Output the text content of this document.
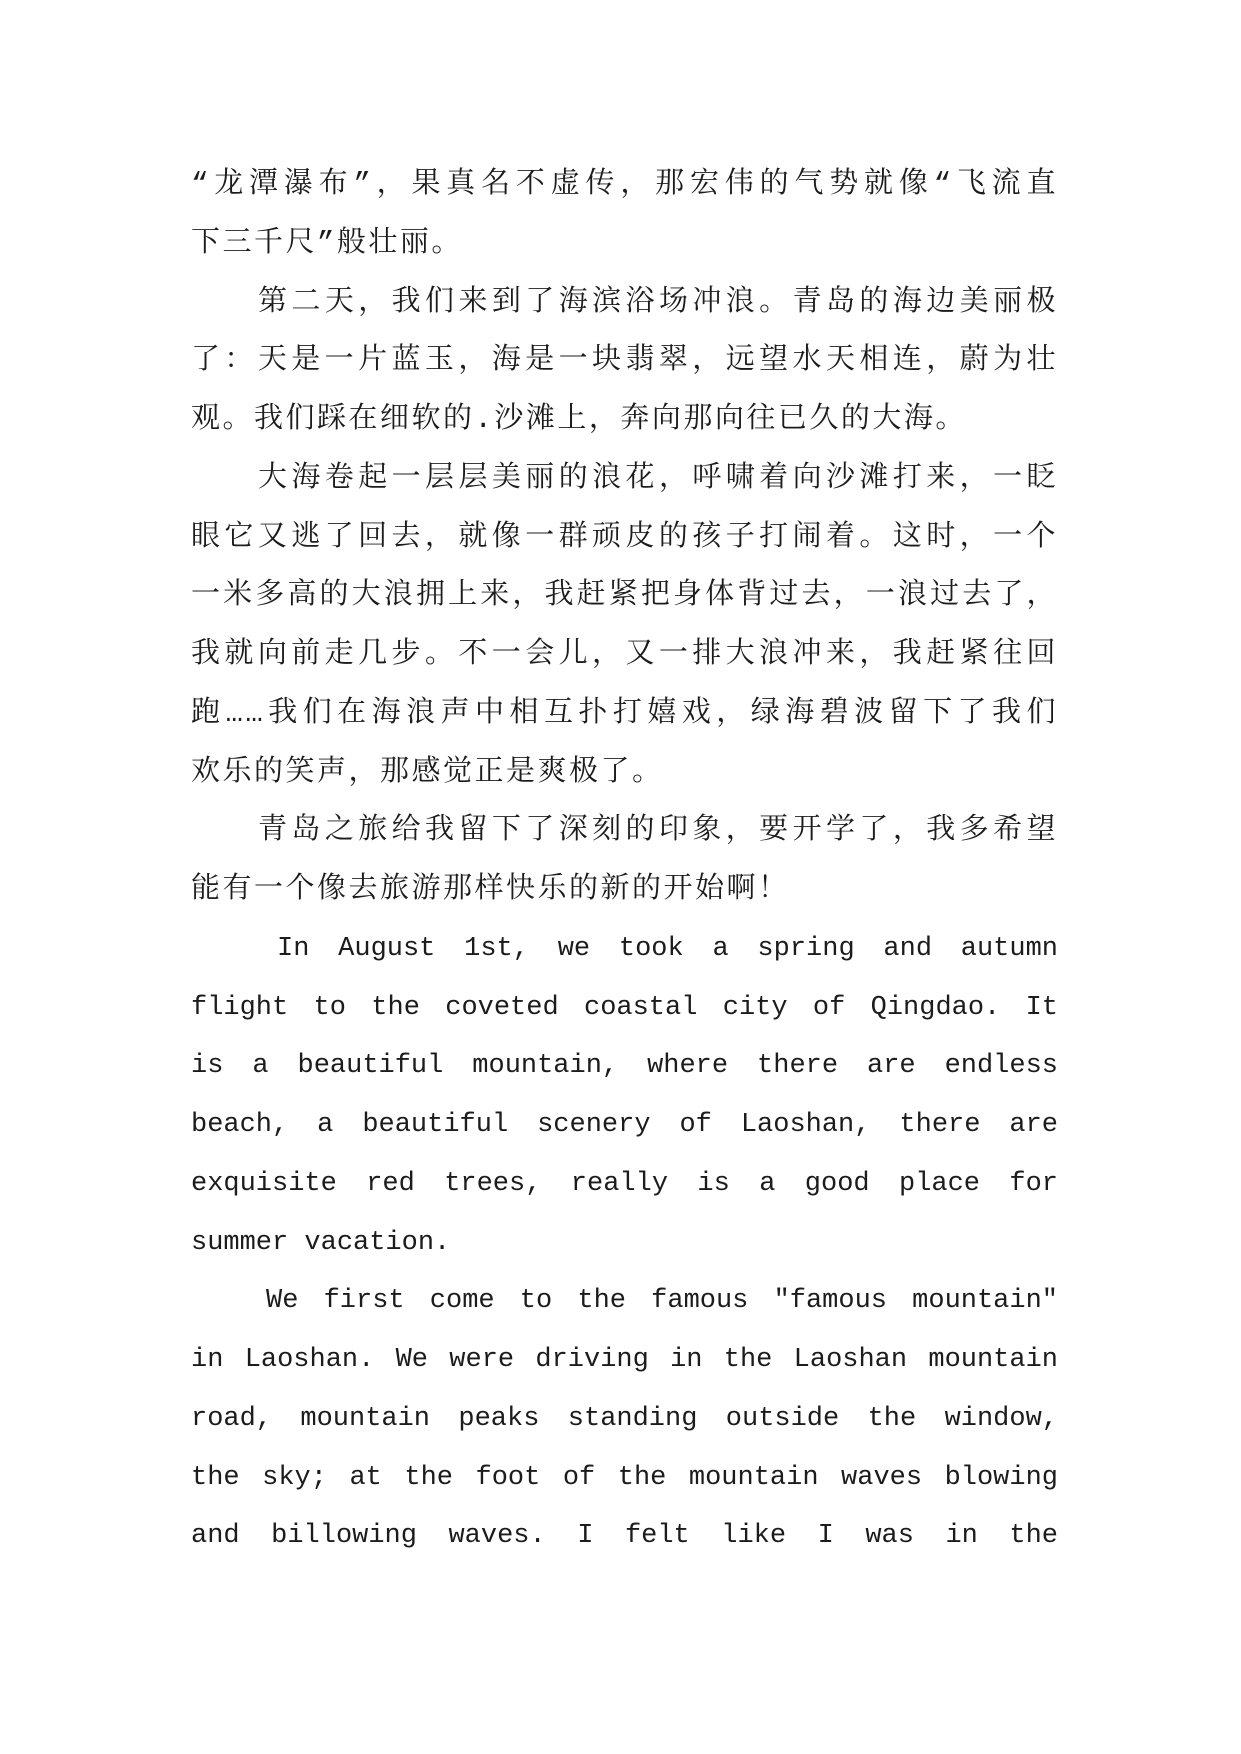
“龙潭瀑布”，果真名不虚传，那宏伟的气势就像“飞流直
下三千尺”般壮丽。
第二天，我们来到了海滨浴场冲浪。青岛的海边美丽极
了：天是一片蓝玉，海是一块翡翠，远望水天相连，蔚为壮
观。我们踩在细软的.沙滩上，奔向那向往已久的大海。
大海卷起一层层美丽的浪花，呼啸着向沙滩打来，一眨
眼它又逃了回去，就像一群顽皮的孩子打闹着。这时，一个
一米多高的大浪拥上来，我赶紧把身体背过去，一浪过去了，
我就向前走几步。不一会儿，又一排大浪冲来，我赶紧往回
跑……我们在海浪声中相互扑打嬉戏，绿海碧波留下了我们
欢乐的笑声，那感觉正是爽极了。
青岛之旅给我留下了深刻的印象，要开学了，我多希望
能有一个像去旅游那样快乐的新的开始啊！
In August 1st, we took a spring and autumn
flight to the coveted coastal city of Qingdao. It
is a beautiful mountain, where there are endless
beach, a beautiful scenery of Laoshan, there are
exquisite red trees, really is a good place for
summer vacation.
We first come to the famous "famous mountain"
in Laoshan. We were driving in the Laoshan mountain
road, mountain peaks standing outside the window,
the sky; at the foot of the mountain waves blowing
and billowing waves. I felt like I was in the
